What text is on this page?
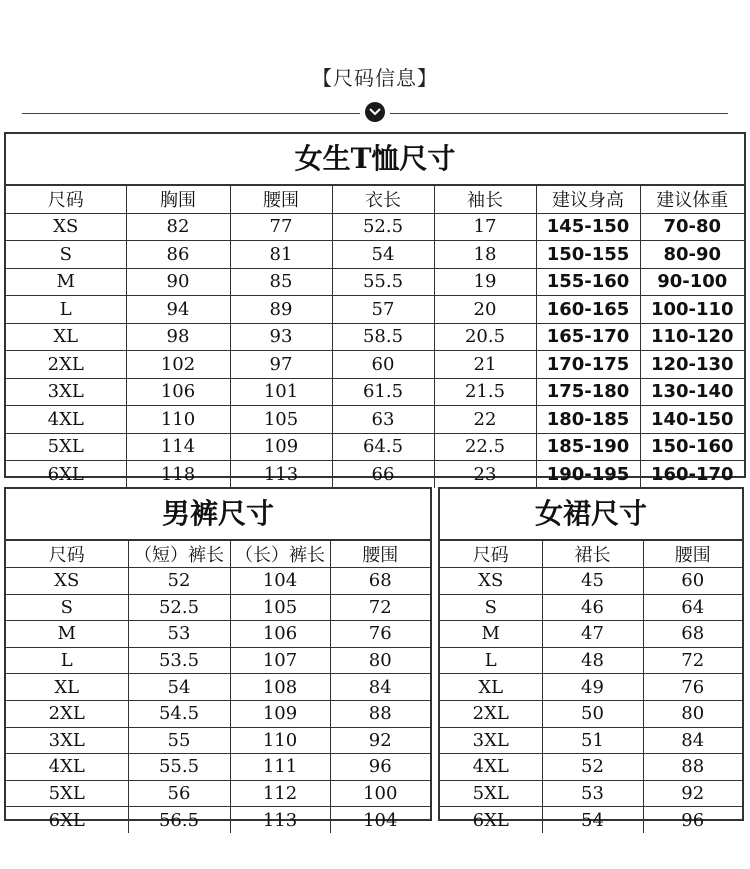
【尺码信息】
女生T恤尺寸
尺码	胸围	腰围	衣长	袖长	建议身高	建议体重
XS	82	77	52.5	17	145-150	70-80
S	86	81	54	18	150-155	80-90
M	90	85	55.5	19	155-160	90-100
L	94	89	57	20	160-165	100-110
XL	98	93	58.5	20.5	165-170	110-120
2XL	102	97	60	21	170-175	120-130
3XL	106	101	61.5	21.5	175-180	130-140
4XL	110	105	63	22	180-185	140-150
5XL	114	109	64.5	22.5	185-190	150-160
6XL	118	113	66	23	190-195	160-170
男裤尺寸
尺码	（短）裤长	（长）裤长	腰围
XS	52	104	68
S	52.5	105	72
M	53	106	76
L	53.5	107	80
XL	54	108	84
2XL	54.5	109	88
3XL	55	110	92
4XL	55.5	111	96
5XL	56	112	100
6XL	56.5	113	104
女裙尺寸
尺码	裙长	腰围
XS	45	60
S	46	64
M	47	68
L	48	72
XL	49	76
2XL	50	80
3XL	51	84
4XL	52	88
5XL	53	92
6XL	54	96
